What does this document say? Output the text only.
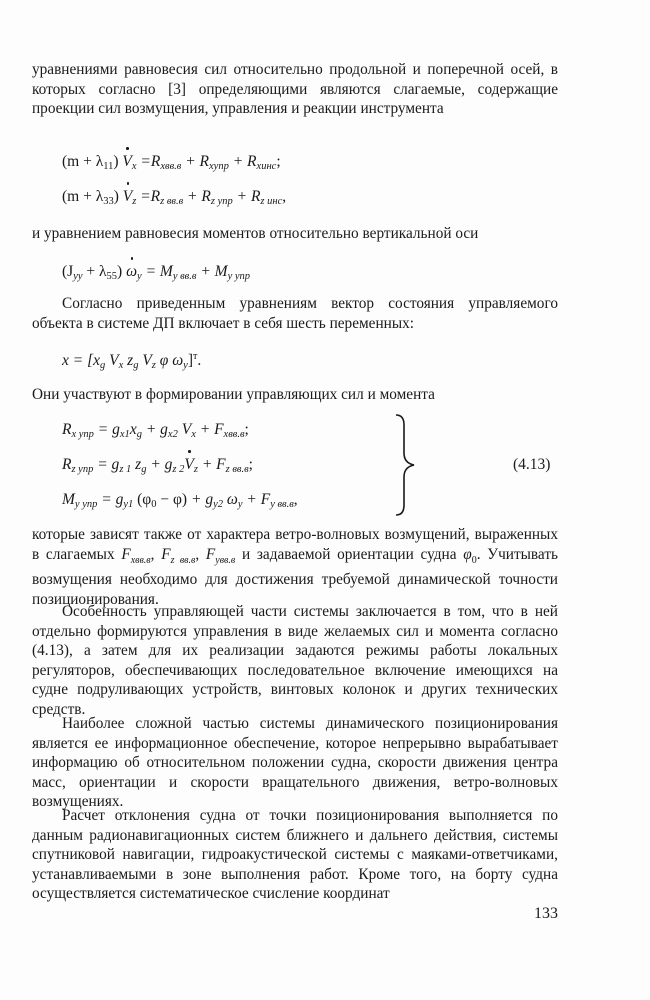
уравнениями равновесия сил относительно продольной и поперечной осей, в которых согласно [3] определяющими являются слагаемые, содержащие проекции сил возмущения, управления и реакции инструмента

$(m + \lambda_{11})$ $V_x =R_{xвв.в} + R_{xупр} + R_{xинс}$;
$(m + \lambda_{33})$ $V_z =R_{z вв.в} + R_{z упр} + R_{z инс}$,

и уравнением равновесия моментов относительно вертикальной оси

$(J_{yy} + \lambda_{55}) \omega_y = M_{y вв.в} + M_{y упр}$

Согласно приведенным уравнениям вектор состояния управляемого объекта в системе ДП включает в себя шесть переменных:

$x = [x_g$ $V_x$ $z_g$ $V_z$ φ $\omega_y]^т$.

Они участвуют в формировании управляющих сил и момента

$R_{x упр} = g_{x1}x_g + g_{x2}$ $V_x + F_{xвв.в}$;
$R_{z упр} = g_{z 1}$ $z_g + g_{z 2}V_z + F_{z вв.в}$;
$M_{y упр} = g_{y1}$ $(\varphi_0 - \varphi) + g_{y2}$ $\omega_y + F_{y вв.в}$,
(4.13)

которые зависят также от характера ветро-волновых возмущений, выраженных в слагаемых $F_{xвв.в}$, $F_{z вв.в}$, $F_{yвв.в}$ и задаваемой ориентации судна $\varphi_0$. Учитывать возмущения необходимо для достижения требуемой динамической точности позиционирования.

Особенность управляющей части системы заключается в том, что в ней отдельно формируются управления в виде желаемых сил и момента согласно (4.13), а затем для их реализации задаются режимы работы локальных регуляторов, обеспечивающих последовательное включение имеющихся на судне подруливающих устройств, винтовых колонок и других технических средств.

Наиболее сложной частью системы динамического позиционирования является ее информационное обеспечение, которое непрерывно вырабатывает информацию об относительном положении судна, скорости движения центра масс, ориентации и скорости вращательного движения, ветро-волновых возмущениях.

Расчет отклонения судна от точки позиционирования выполняется по данным радионавигационных систем ближнего и дальнего действия, системы спутниковой навигации, гидроакустической системы с маяками-ответчиками, устанавливаемыми в зоне выполнения работ. Кроме того, на борту судна осуществляется систематическое счисление координат

133
